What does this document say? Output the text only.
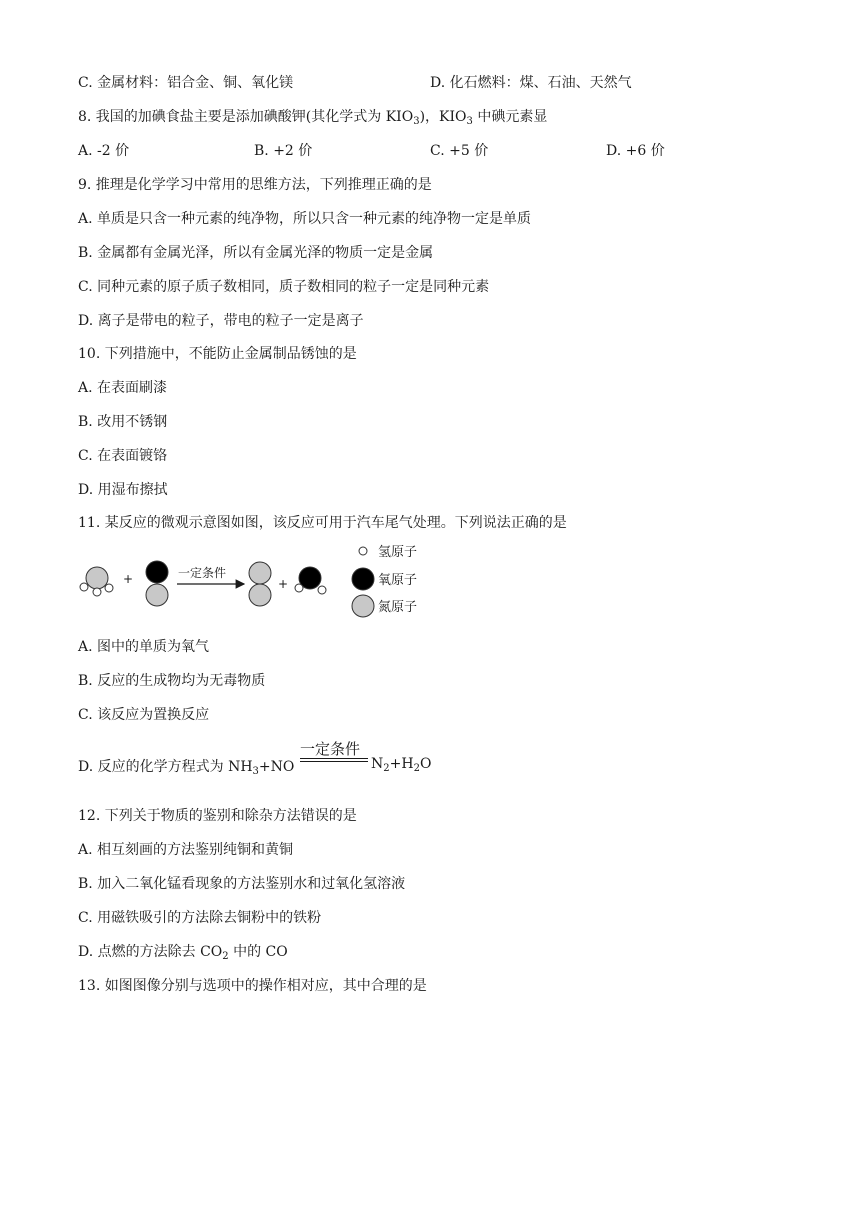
C. 金属材料：铝合金、铜、氧化镁	D. 化石燃料：煤、石油、天然气
8. 我国的加碘食盐主要是添加碘酸钾(其化学式为 $KIO_3$)，$KIO_3$ 中碘元素显
A. -2 价	B. +2 价	C. +5 价	D. +6 价
9. 推理是化学学习中常用的思维方法，下列推理正确的是
A. 单质是只含一种元素的纯净物，所以只含一种元素的纯净物一定是单质
B. 金属都有金属光泽，所以有金属光泽的物质一定是金属
C. 同种元素的原子质子数相同，质子数相同的粒子一定是同种元素
D. 离子是带电的粒子，带电的粒子一定是离子
10. 下列措施中，不能防止金属制品锈蚀的是
A. 在表面刷漆
B. 改用不锈钢
C. 在表面镀铬
D. 用湿布擦拭
11. 某反应的微观示意图如图，该反应可用于汽车尾气处理。下列说法正确的是
+	一定条件
+
氢原子
氧原子
氮原子
A. 图中的单质为氧气
B. 反应的生成物均为无毒物质
C. 该反应为置换反应
D. 反应的化学方程式为 $NH_3+NO$
一定条件
$N_2+H_2O$
12. 下列关于物质的鉴别和除杂方法错误的是
A. 相互刻画的方法鉴别纯铜和黄铜
B. 加入二氧化锰看现象的方法鉴别水和过氧化氢溶液
C. 用磁铁吸引的方法除去铜粉中的铁粉
D. 点燃的方法除去 $CO_2$ 中的 CO
13. 如图图像分别与选项中的操作相对应，其中合理的是
